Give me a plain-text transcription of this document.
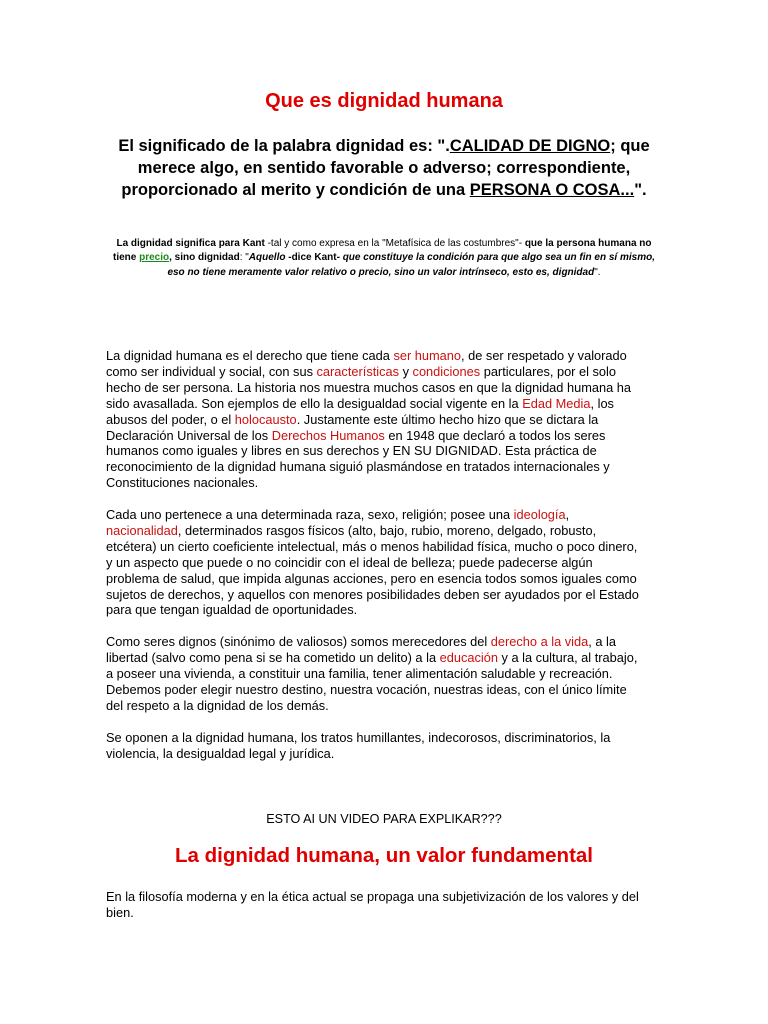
Que es dignidad humana

El significado de la palabra dignidad es: ".CALIDAD DE DIGNO; que merece algo, en sentido favorable o adverso; correspondiente, proporcionado al merito y condición de una PERSONA O COSA...".

La dignidad significa para Kant -tal y como expresa en la "Metafísica de las costumbres"- que la persona humana no tiene precio, sino dignidad: "Aquello -dice Kant- que constituye la condición para que algo sea un fin en sí mismo, eso no tiene meramente valor relativo o precio, sino un valor intrínseco, esto es, dignidad".

La dignidad humana es el derecho que tiene cada ser humano, de ser respetado y valorado como ser individual y social, con sus características y condiciones particulares, por el solo hecho de ser persona. La historia nos muestra muchos casos en que la dignidad humana ha sido avasallada. Son ejemplos de ello la desigualdad social vigente en la Edad Media, los abusos del poder, o el holocausto. Justamente este último hecho hizo que se dictara la Declaración Universal de los Derechos Humanos en 1948 que declaró a todos los seres humanos como iguales y libres en sus derechos y EN SU DIGNIDAD. Esta práctica de reconocimiento de la dignidad humana siguió plasmándose en tratados internacionales y Constituciones nacionales.

Cada uno pertenece a una determinada raza, sexo, religión; posee una ideología, nacionalidad, determinados rasgos físicos (alto, bajo, rubio, moreno, delgado, robusto, etcétera) un cierto coeficiente intelectual, más o menos habilidad física, mucho o poco dinero, y un aspecto que puede o no coincidir con el ideal de belleza; puede padecerse algún problema de salud, que impida algunas acciones, pero en esencia todos somos iguales como sujetos de derechos, y aquellos con menores posibilidades deben ser ayudados por el Estado para que tengan igualdad de oportunidades.

Como seres dignos (sinónimo de valiosos) somos merecedores del derecho a la vida, a la libertad (salvo como pena si se ha cometido un delito) a la educación y a la cultura, al trabajo, a poseer una vivienda, a constituir una familia, tener alimentación saludable y recreación. Debemos poder elegir nuestro destino, nuestra vocación, nuestras ideas, con el único límite del respeto a la dignidad de los demás.

Se oponen a la dignidad humana, los tratos humillantes, indecorosos, discriminatorios, la violencia, la desigualdad legal y jurídica.

ESTO AI UN VIDEO PARA EXPLIKAR???

La dignidad humana, un valor fundamental

En la filosofía moderna y en la ética actual se propaga una subjetivización de los valores y del bien.
